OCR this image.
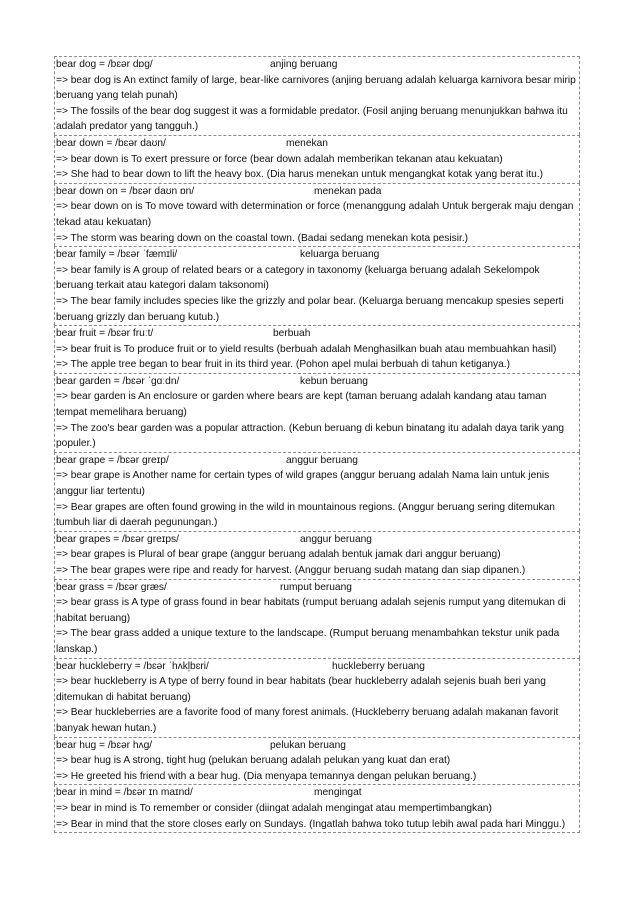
bear dog = /bɛər dɒg/	anjing beruang
=> bear dog is An extinct family of large, bear-like carnivores (anjing beruang adalah keluarga karnivora besar mirip beruang yang telah punah)
=> The fossils of the bear dog suggest it was a formidable predator. (Fosil anjing beruang menunjukkan bahwa itu adalah predator yang tangguh.)
bear down = /bɛər daʊn/	menekan
=> bear down is To exert pressure or force (bear down adalah memberikan tekanan atau kekuatan)
=> She had to bear down to lift the heavy box. (Dia harus menekan untuk mengangkat kotak yang berat itu.)
bear down on = /bɛər daʊn ɒn/	menekan pada
=> bear down on is To move toward with determination or force (menanggung adalah Untuk bergerak maju dengan tekad atau kekuatan)
=> The storm was bearing down on the coastal town. (Badai sedang menekan kota pesisir.)
bear family = /bɛər ˈfæmɪli/	keluarga beruang
=> bear family is A group of related bears or a category in taxonomy (keluarga beruang adalah Sekelompok beruang terkait atau kategori dalam taksonomi)
=> The bear family includes species like the grizzly and polar bear. (Keluarga beruang mencakup spesies seperti beruang grizzly dan beruang kutub.)
bear fruit = /bɛər fruːt/	berbuah
=> bear fruit is To produce fruit or to yield results (berbuah adalah Menghasilkan buah atau membuahkan hasil)
=> The apple tree began to bear fruit in its third year. (Pohon apel mulai berbuah di tahun ketiganya.)
bear garden = /bɛər ˈgɑːdn/	kebun beruang
=> bear garden is An enclosure or garden where bears are kept (taman beruang adalah kandang atau taman tempat memelihara beruang)
=> The zoo's bear garden was a popular attraction. (Kebun beruang di kebun binatang itu adalah daya tarik yang populer.)
bear grape = /bɛər greɪp/	anggur beruang
=> bear grape is Another name for certain types of wild grapes (anggur beruang adalah Nama lain untuk jenis anggur liar tertentu)
=> Bear grapes are often found growing in the wild in mountainous regions. (Anggur beruang sering ditemukan tumbuh liar di daerah pegunungan.)
bear grapes = /bɛər greɪps/	anggur beruang
=> bear grapes is Plural of bear grape (anggur beruang adalah bentuk jamak dari anggur beruang)
=> The bear grapes were ripe and ready for harvest. (Anggur beruang sudah matang dan siap dipanen.)
bear grass = /bɛər græs/	rumput beruang
=> bear grass is A type of grass found in bear habitats (rumput beruang adalah sejenis rumput yang ditemukan di habitat beruang)
=> The bear grass added a unique texture to the landscape. (Rumput beruang menambahkan tekstur unik pada lanskap.)
bear huckleberry = /bɛər ˈhʌkl̩bɛri/	huckleberry beruang
=> bear huckleberry is A type of berry found in bear habitats (bear huckleberry adalah sejenis buah beri yang ditemukan di habitat beruang)
=> Bear huckleberries are a favorite food of many forest animals. (Huckleberry beruang adalah makanan favorit banyak hewan hutan.)
bear hug = /bɛər hʌg/	pelukan beruang
=> bear hug is A strong, tight hug (pelukan beruang adalah pelukan yang kuat dan erat)
=> He greeted his friend with a bear hug. (Dia menyapa temannya dengan pelukan beruang.)
bear in mind = /bɛər ɪn maɪnd/	mengingat
=> bear in mind is To remember or consider (diingat adalah mengingat atau mempertimbangkan)
=> Bear in mind that the store closes early on Sundays. (Ingatlah bahwa toko tutup lebih awal pada hari Minggu.)
